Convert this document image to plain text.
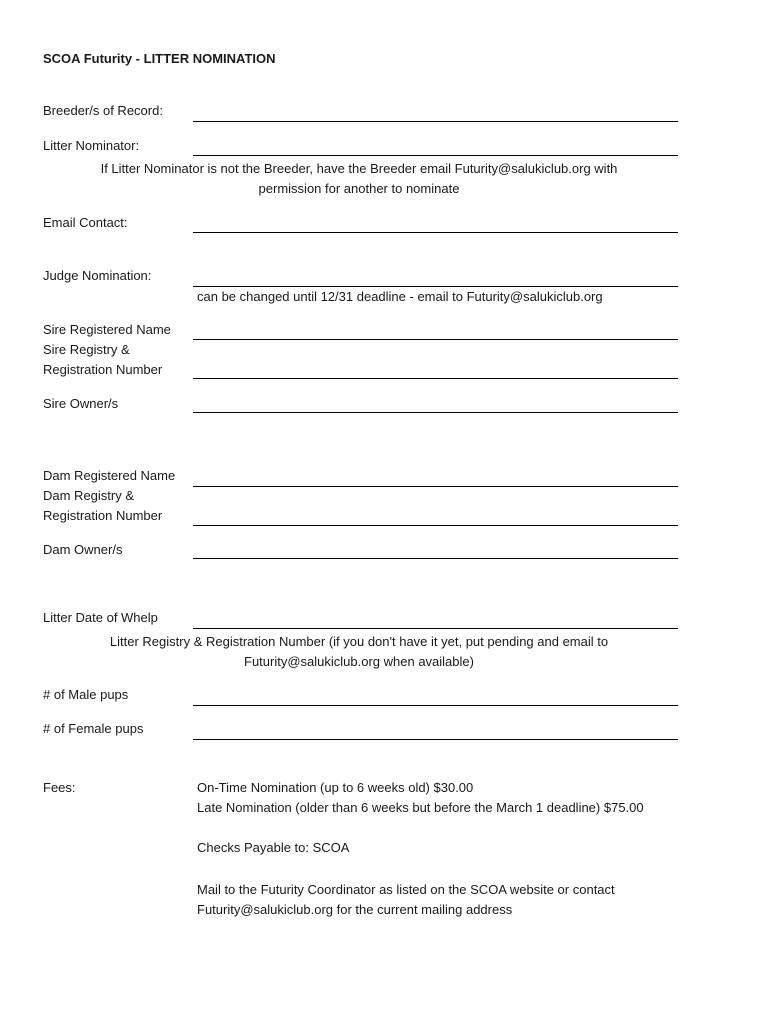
SCOA Futurity - LITTER NOMINATION
Breeder/s of Record:
Litter Nominator:
If Litter Nominator is not the Breeder, have the Breeder email Futurity@salukiclub.org with
permission for another to nominate
Email Contact:
Judge Nomination:
can be changed until 12/31 deadline - email to Futurity@salukiclub.org
Sire Registered Name
Sire Registry &
Registration Number
Sire Owner/s
Dam Registered Name
Dam Registry &
Registration Number
Dam Owner/s
Litter Date of Whelp
Litter Registry & Registration Number (if you don't have it yet, put pending and email to
Futurity@salukiclub.org when available)
# of Male pups
# of Female pups
Fees:	On-Time Nomination (up to 6 weeks old) $30.00
Late Nomination (older than 6 weeks but before the March 1 deadline) $75.00
Checks Payable to: SCOA
Mail to the Futurity Coordinator as listed on the SCOA website or contact
Futurity@salukiclub.org for the current mailing address
